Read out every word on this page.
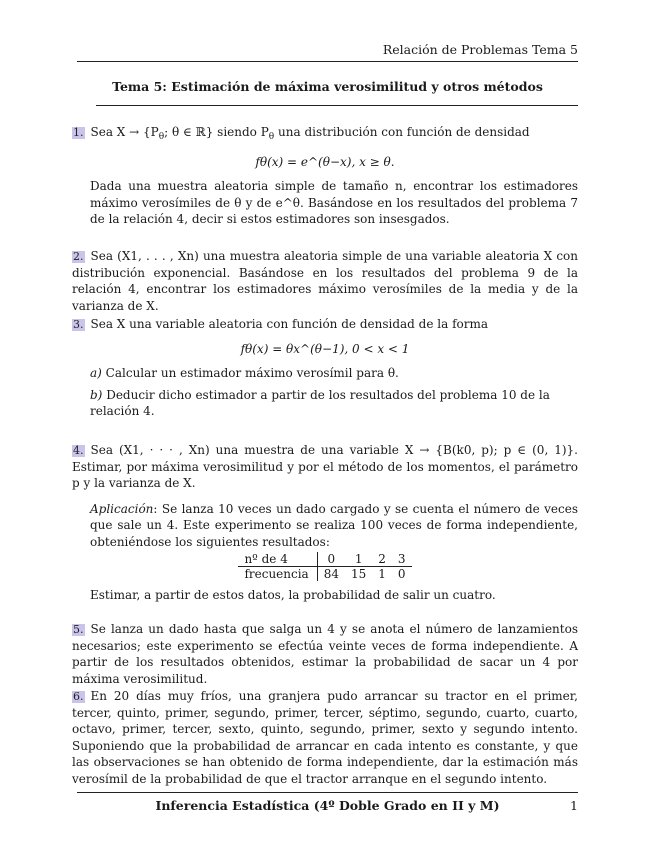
Relación de Problemas Tema 5
Tema 5: Estimación de máxima verosimilitud y otros métodos
1. Sea $X \to \{P_\theta$; θ ∈ ℝ} siendo $P_\theta$ una distribución con función de densidad
fθ(x) = e^(θ−x), x ≥ θ.
Dada una muestra aleatoria simple de tamaño n, encontrar los estimadores máximo verosímiles de θ y de e^θ. Basándose en los resultados del problema 7 de la relación 4, decir si estos estimadores son insesgados.
2. Sea (X1, . . . , Xn) una muestra aleatoria simple de una variable aleatoria X con distribución exponencial. Basándose en los resultados del problema 9 de la relación 4, encontrar los estimadores máximo verosímiles de la media y de la varianza de X.
3. Sea X una variable aleatoria con función de densidad de la forma
fθ(x) = θx^(θ−1), 0 < x < 1
a) Calcular un estimador máximo verosímil para θ.
b) Deducir dicho estimador a partir de los resultados del problema 10 de la relación 4.
4. Sea (X1, · · · , Xn) una muestra de una variable X → {B(k0, p); p ∈ (0, 1)}. Estimar, por máxima verosimilitud y por el método de los momentos, el parámetro p y la varianza de X.
Aplicación: Se lanza 10 veces un dado cargado y se cuenta el número de veces que sale un 4. Este experimento se realiza 100 veces de forma independiente, obteniéndose los siguientes resultados:
nº de 4	0	1	2	3
frecuencia	84	15	1	0
Estimar, a partir de estos datos, la probabilidad de salir un cuatro.
5. Se lanza un dado hasta que salga un 4 y se anota el número de lanzamientos necesarios; este experimento se efectúa veinte veces de forma independiente. A partir de los resultados obtenidos, estimar la probabilidad de sacar un 4 por máxima verosimilitud.
6. En 20 días muy fríos, una granjera pudo arrancar su tractor en el primer, tercer, quinto, primer, segundo, primer, tercer, séptimo, segundo, cuarto, cuarto, octavo, primer, tercer, sexto, quinto, segundo, primer, sexto y segundo intento. Suponiendo que la probabilidad de arrancar en cada intento es constante, y que las observaciones se han obtenido de forma independiente, dar la estimación más verosímil de la probabilidad de que el tractor arranque en el segundo intento.
Inferencia Estadística (4º Doble Grado en II y M)	1
